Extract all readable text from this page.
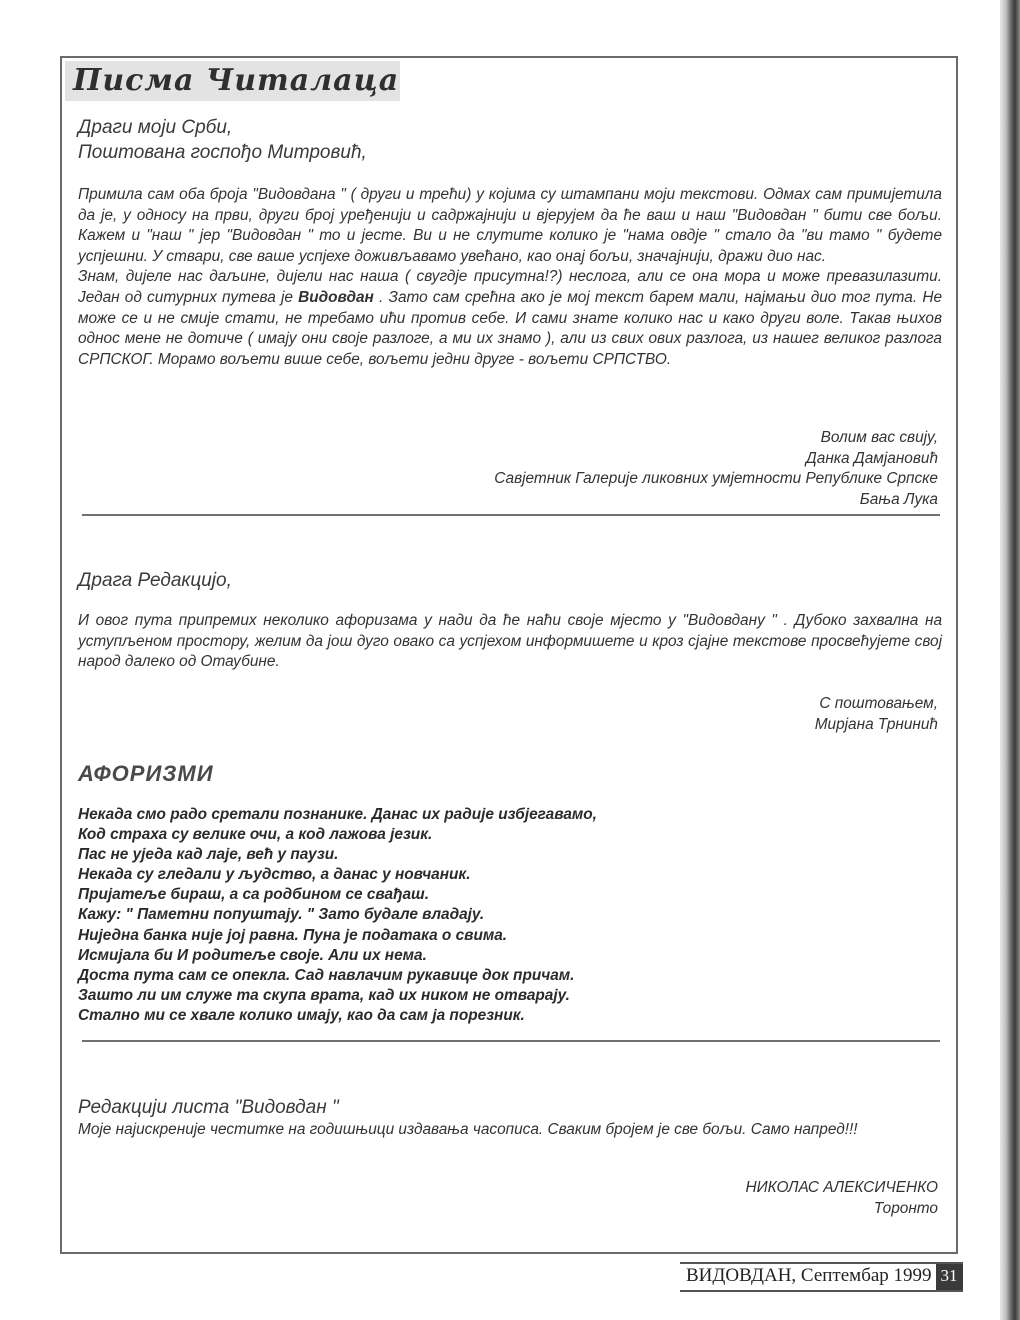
Писма Читалаца
Драги моји Срби,
Поштована госпођо Митровић,

Примила сам оба броја "Видовдана " ( други и трећи) у којима су штампани моји текстови. Одмах сам примијетила да је, у односу на први, други број уређенији и садржајнији и вјерујем да ће ваш и наш "Видовдан " бити све бољи. Кажем и "наш " јер "Видовдан " то и јесте. Ви и не слутите колико је "нама овдје " стало да "ви тамо " будете успјешни. У ствари, све ваше успјехе доживљавамо увећано, као онај бољи, значајнији, дражи дио нас.

Знам, дијеле нас даљине, дијели нас наша ( свугдје присутна!?) неслога, али се она мора и може превазилазити. Један од ситурних путева је Видовдан . Зато сам срећна ако је мој текст барем мали, најмањи дио тог пута. Не може се и не смије стати, не требамо ићи против себе. И сами знате колико нас и како други воле. Такав њихов однос мене не дотиче ( имају они своје разлоге, а ми их знамо ), али из свих ових разлога, из нашег великог разлога СРПСКОГ. Морамо вољети више себе, вољети једни друге - вољети СРПСТВО.

Волим вас свију,
Данка Дамјановић
Савјетник Галерије ликовних умјетности Републике Српске
Бања Лука
Драга Редакцијо,
И овог пута припремих неколико афоризама у нади да ће наћи своје мјесто у "Видовдану " . Дубоко захвална на уступљеном простору, желим да још дуго овако са успјехом информишете и кроз сјајне текстове просвећујете свој народ далеко од Отаубине.
С поштовањем,
Мирјана Трнинић
АФОРИЗМИ
Некада смо радо сретали познанике. Данас их радије избјегавамо,
Код страха су велике очи, а код лажова језик.
Пас не уједа кад лаје, већ у паузи.
Некада су гледали у људство, а данас у новчаник.
Пријатеље бираш, а са родбином се свађаш.
Кажу: " Паметни попуштају. " Зато будале владају.
Ниједна банка није јој равна. Пуна је података о свима.
Исмијала би И родитеље своје. Али их нема.
Доста пута сам се опекла. Сад навлачим рукавице док причам.
Зашто ли им служе та скупа врата, кад их ником не отварају.
Стално ми се хвале колико имају, као да сам ја порезник.
Редакцији листа "Видовдан "
Моје најискреније честитке на годишњици издавања часописа. Сваким бројем је све бољи. Само напред!!!
НИКОЛАС АЛЕКСИЧЕНКО
Торонто
ВИДОВДАН, Септембар 1999 31
